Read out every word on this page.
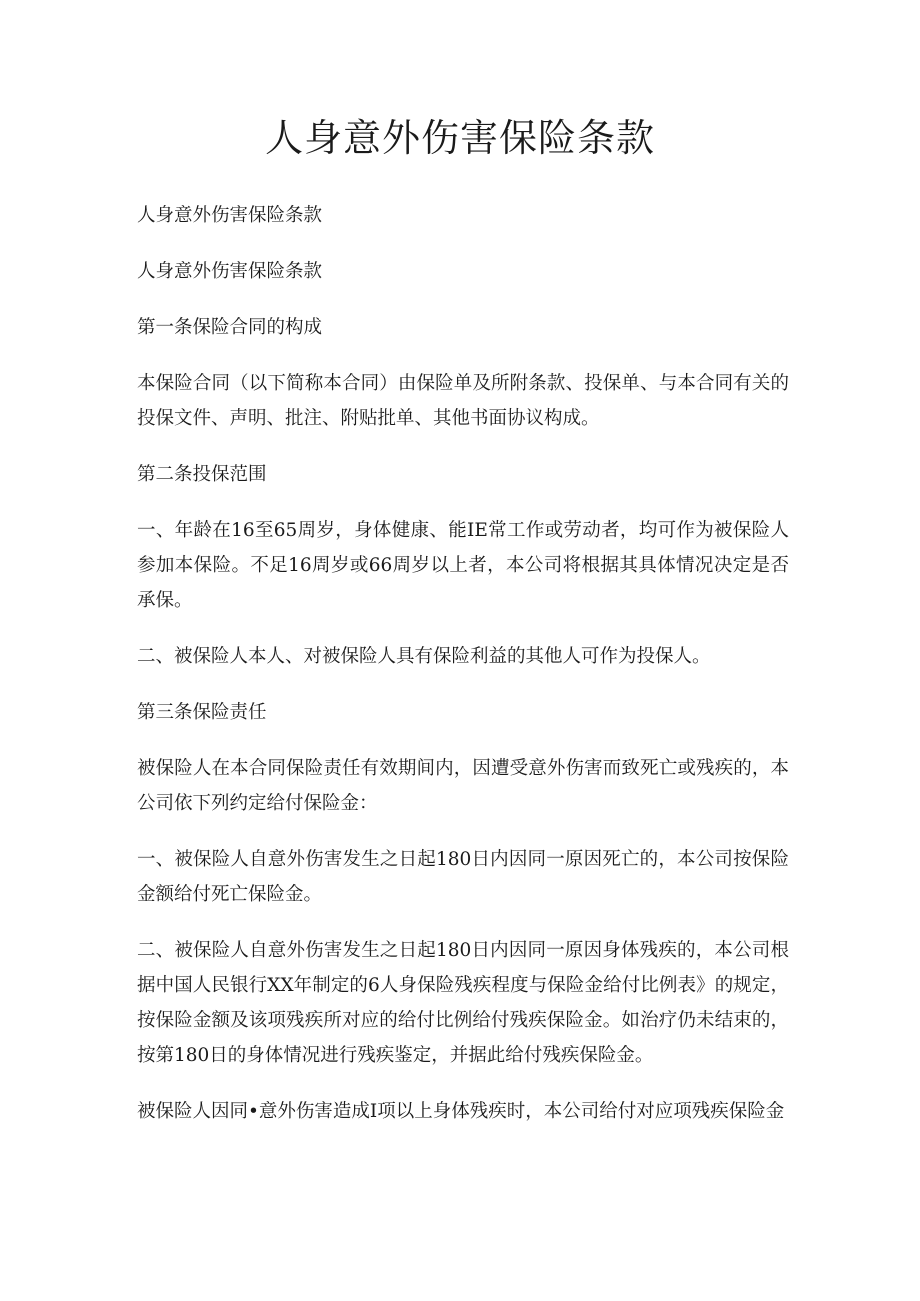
人身意外伤害保险条款

人身意外伤害保险条款

人身意外伤害保险条款

第一条保险合同的构成

本保险合同（以下简称本合同）由保险单及所附条款、投保单、与本合同有关的投保文件、声明、批注、附贴批单、其他书面协议构成。

第二条投保范围

一、年龄在16至65周岁，身体健康、能IE常工作或劳动者，均可作为被保险人参加本保险。不足16周岁或66周岁以上者，本公司将根据其具体情况决定是否承保。

二、被保险人本人、对被保险人具有保险利益的其他人可作为投保人。

第三条保险责任

被保险人在本合同保险责任有效期间内，因遭受意外伤害而致死亡或残疾的，本公司依下列约定给付保险金：

一、被保险人自意外伤害发生之日起180日内因同一原因死亡的，本公司按保险金额给付死亡保险金。

二、被保险人自意外伤害发生之日起180日内因同一原因身体残疾的，本公司根据中国人民银行XX年制定的6人身保险残疾程度与保险金给付比例表》的规定，按保险金额及该项残疾所对应的给付比例给付残疾保险金。如治疗仍未结束的，按第180日的身体情况进行残疾鉴定，并据此给付残疾保险金。

被保险人因同•意外伤害造成I项以上身体残疾时，本公司给付对应项残疾保险金
